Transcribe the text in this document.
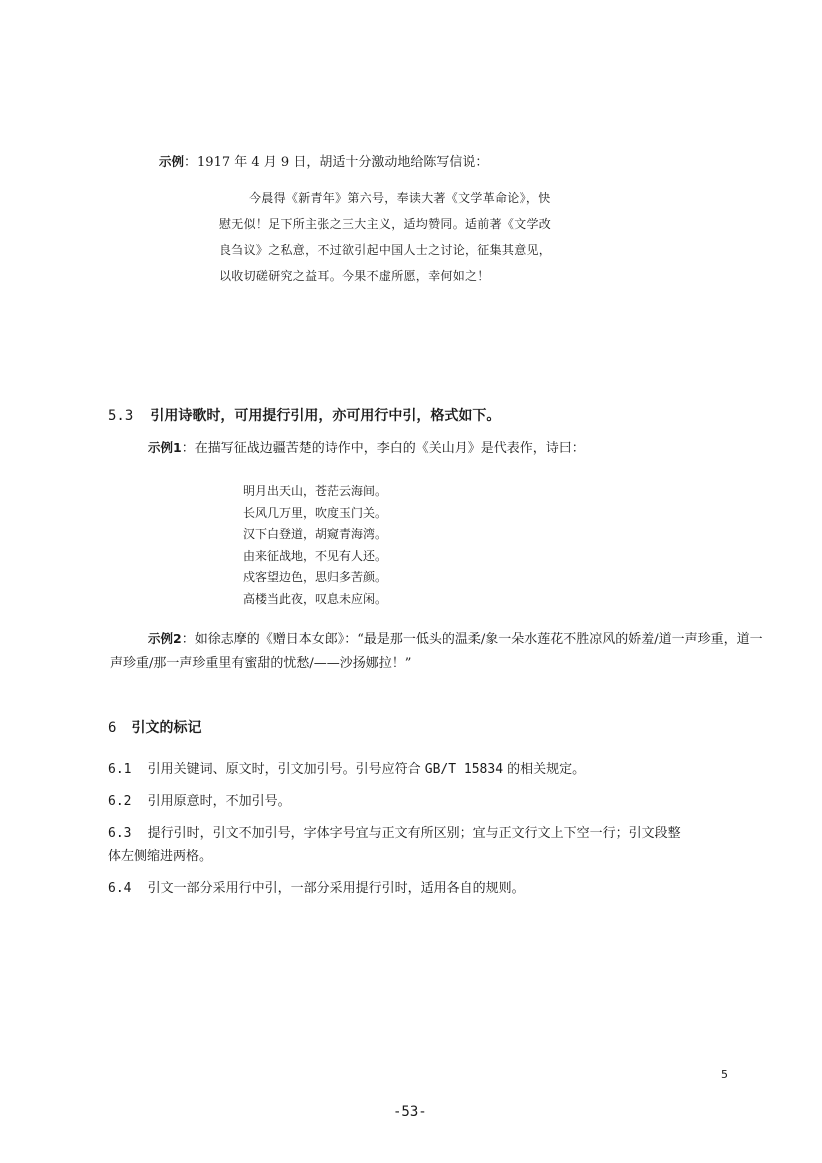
示例：1917 年 4 月 9 日，胡适十分激动地给陈写信说：
今晨得《新青年》第六号，奉读大著《文学革命论》，快
慰无似！足下所主张之三大主义，适均赞同。适前著《文学改
良刍议》之私意，不过欲引起中国人士之讨论，征集其意见，
以收切磋研究之益耳。今果不虚所愿，幸何如之！
5.3 引用诗歌时，可用提行引用，亦可用行中引，格式如下。
示例1：在描写征战边疆苦楚的诗作中，李白的《关山月》是代表作，诗曰：
明月出天山，苍茫云海间。
长风几万里，吹度玉门关。
汉下白登道，胡窥青海湾。
由来征战地，不见有人还。
戍客望边色，思归多苦颜。
高楼当此夜，叹息未应闲。
示例2：如徐志摩的《赠日本女郎》：“最是那一低头的温柔/象一朵水莲花不胜凉风的娇羞/道一声珍重，道一
声珍重/那一声珍重里有蜜甜的忧愁/——沙扬娜拉！”
6 引文的标记
6.1 引用关键词、原文时，引文加引号。引号应符合 GB/T 15834 的相关规定。
6.2 引用原意时，不加引号。
6.3 提行引时，引文不加引号，字体字号宜与正文有所区别；宜与正文行文上下空一行；引文段整
体左侧缩进两格。
6.4 引文一部分采用行中引，一部分采用提行引时，适用各自的规则。
5
-53-
